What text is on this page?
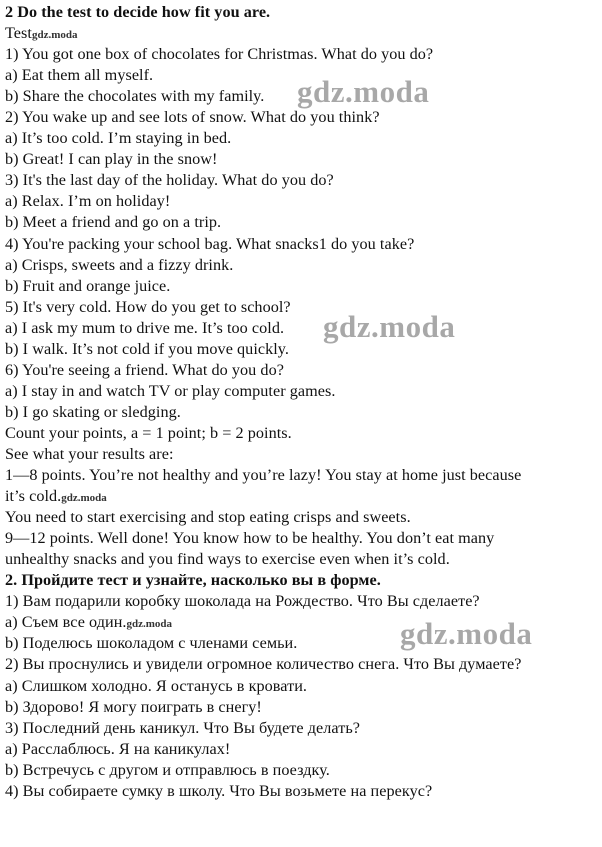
2 Do the test to decide how fit you are.
Testgdz.moda
1) You got one box of chocolates for Christmas. What do you do?
a) Eat them all myself.
b) Share the chocolates with my family.
2) You wake up and see lots of snow. What do you think?
a) It’s too cold. I’m staying in bed.
b) Great! I can play in the snow!
3) It's the last day of the holiday. What do you do?
a) Relax. I’m on holiday!
b) Meet a friend and go on a trip.
4) You're packing your school bag. What snacks1 do you take?
a) Crisps, sweets and a fizzy drink.
b) Fruit and orange juice.
5) It's very cold. How do you get to school?
a) I ask my mum to drive me. It’s too cold.
b) I walk. It’s not cold if you move quickly.
6) You're seeing a friend. What do you do?
a) I stay in and watch TV or play computer games.
b) I go skating or sledging.
Count your points, a = 1 point; b = 2 points.
See what your results are:
1—8 points. You’re not healthy and you’re lazy! You stay at home just because
it’s cold.gdz.moda
You need to start exercising and stop eating crisps and sweets.
9—12 points. Well done! You know how to be healthy. You don’t eat many
unhealthy snacks and you find ways to exercise even when it’s cold.
2. Пройдите тест и узнайте, насколько вы в форме.
1) Вам подарили коробку шоколада на Рождество. Что Вы сделаете?
а) Съем все один.gdz.moda
b) Поделюсь шоколадом с членами семьи.
2) Вы проснулись и увидели огромное количество снега. Что Вы думаете?
а) Слишком холодно. Я останусь в кровати.
b) Здорово! Я могу поиграть в снегу!
3) Последний день каникул. Что Вы будете делать?
а) Расслаблюсь. Я на каникулах!
b) Встречусь с другом и отправлюсь в поездку.
4) Вы собираете сумку в школу. Что Вы возьмете на перекус?
gdz.moda
gdz.moda
gdz.moda
